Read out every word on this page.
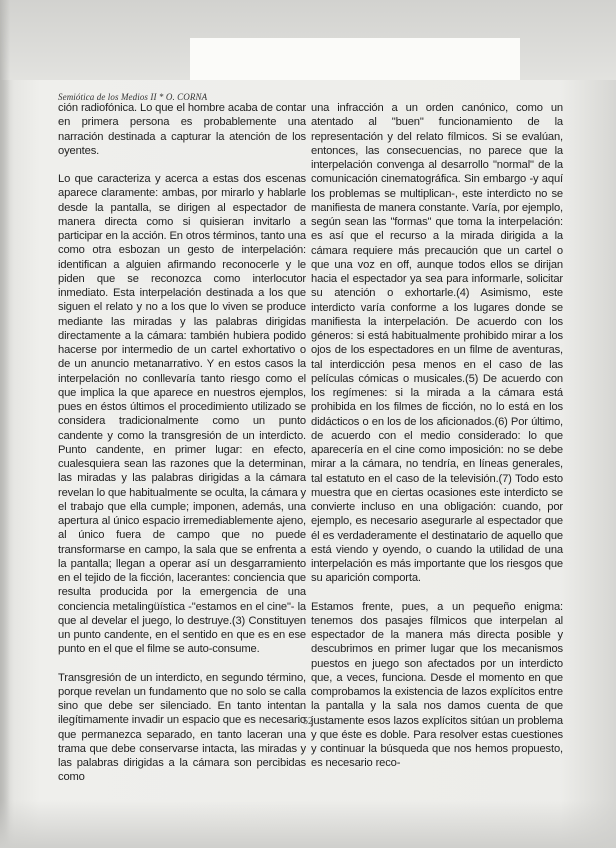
Semiótica de los Medios II * O. CORNA

ción radiofónica. Lo que el hombre acaba de contar en primera persona es probablemente una narración destinada a capturar la atención de los oyentes.

Lo que caracteriza y acerca a estas dos escenas aparece claramente: ambas, por mirarlo y hablarle desde la pantalla, se dirigen al espectador de manera directa como si quisieran invitarlo a participar en la acción. En otros términos, tanto una como otra esbozan un gesto de interpelación: identifican a alguien afirmando reconocerle y le piden que se reconozca como interlocutor inmediato. Esta interpelación destinada a los que siguen el relato y no a los que lo viven se produce mediante las miradas y las palabras dirigidas directamente a la cámara: también hubiera podido hacerse por intermedio de un cartel exhortativo o de un anuncio metanarrativo. Y en estos casos la interpelación no conllevaría tanto riesgo como el que implica la que aparece en nuestros ejemplos, pues en éstos últimos el procedimiento utilizado se considera tradicionalmente como un punto candente y como la transgresión de un interdicto. Punto candente, en primer lugar: en efecto, cualesquiera sean las razones que la determinan, las miradas y las palabras dirigidas a la cámara revelan lo que habitualmente se oculta, la cámara y el trabajo que ella cumple; imponen, además, una apertura al único espacio irremediablemente ajeno, al único fuera de campo que no puede transformarse en campo, la sala que se enfrenta a la pantalla; llegan a operar así un desgarramiento en el tejido de la ficción, lacerantes: conciencia que resulta producida por la emergencia de una conciencia metalingüística -"estamos en el cine"- la que al develar el juego, lo destruye.(3) Constituyen un punto candente, en el sentido en que es en ese punto en el que el filme se auto-consume.

Transgresión de un interdicto, en segundo término, porque revelan un fundamento que no solo se calla sino que debe ser silenciado. En tanto intentan ilegítimamente invadir un espacio que es necesario que permanezca separado, en tanto laceran una trama que debe conservarse intacta, las miradas y las palabras dirigidas a la cámara son percibidas como

una infracción a un orden canónico, como un atentado al "buen" funcionamiento de la representación y del relato fílmicos. Si se evalúan, entonces, las consecuencias, no parece que la interpelación convenga al desarrollo "normal" de la comunicación cinematográfica. Sin embargo -y aquí los problemas se multiplican-, este interdicto no se manifiesta de manera constante. Varía, por ejemplo, según sean las "formas" que toma la interpelación: es así que el recurso a la mirada dirigida a la cámara requiere más precaución que un cartel o que una voz en off, aunque todos ellos se dirijan hacia el espectador ya sea para informarle, solicitar su atención o exhortarle.(4) Asimismo, este interdicto varía conforme a los lugares donde se manifiesta la interpelación. De acuerdo con los géneros: si está habitualmente prohibido mirar a los ojos de los espectadores en un filme de aventuras, tal interdicción pesa menos en el caso de las películas cómicas o musicales.(5) De acuerdo con los regímenes: si la mirada a la cámara está prohibida en los filmes de ficción, no lo está en los didácticos o en los de los aficionados.(6) Por último, de acuerdo con el medio considerado: lo que aparecería en el cine como imposición: no se debe mirar a la cámara, no tendría, en líneas generales, tal estatuto en el caso de la televisión.(7) Todo esto muestra que en ciertas ocasiones este interdicto se convierte incluso en una obligación: cuando, por ejemplo, es necesario asegurarle al espectador que él es verdaderamente el destinatario de aquello que está viendo y oyendo, o cuando la utilidad de una interpelación es más importante que los riesgos que su aparición comporta.

Estamos frente, pues, a un pequeño enigma: tenemos dos pasajes fílmicos que interpelan al espectador de la manera más directa posible y descubrimos en primer lugar que los mecanismos puestos en juego son afectados por un interdicto que, a veces, funciona. Desde el momento en que comprobamos la existencia de lazos explícitos entre la pantalla y la sala nos damos cuenta de que justamente esos lazos explícitos sitúan un problema y que éste es doble. Para resolver estas cuestiones y continuar la búsqueda que nos hemos propuesto, es necesario reco-

52
